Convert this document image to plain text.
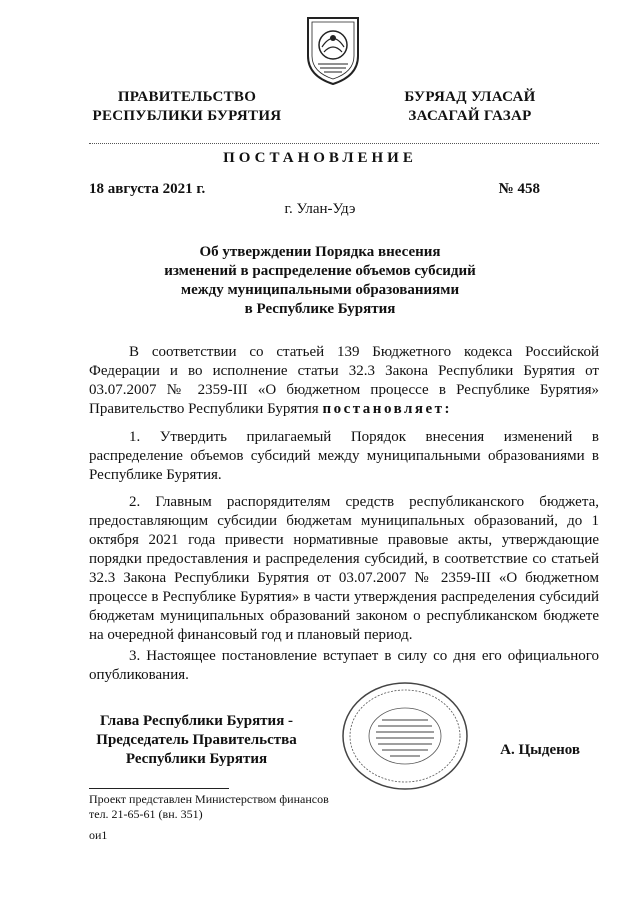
ПРАВИТЕЛЬСТВО
РЕСПУБЛИКИ БУРЯТИЯ
БУРЯАД УЛАСАЙ
ЗАСАГАЙ ГАЗАР
ПОСТАНОВЛЕНИЕ
18 августа 2021 г.	№ 458
г. Улан-Удэ
Об утверждении Порядка внесения
изменений в распределение объемов субсидий
между муниципальными образованиями
в Республике Бурятия

В соответствии со статьей 139 Бюджетного кодекса Российской Федерации и во исполнение статьи 32.3 Закона Республики Бурятия от 03.07.2007 № 2359-III «О бюджетном процессе в Республике Бурятия» Правительство Республики Бурятия постановляет:

1. Утвердить прилагаемый Порядок внесения изменений в распределение объемов субсидий между муниципальными образованиями в Республике Бурятия.

2. Главным распорядителям средств республиканского бюджета, предоставляющим субсидии бюджетам муниципальных образований, до 1 октября 2021 года привести нормативные правовые акты, утверждающие порядки предоставления и распределения субсидий, в соответствие со статьей 32.3 Закона Республики Бурятия от 03.07.2007 № 2359-III «О бюджетном процессе в Республике Бурятия» в части утверждения распределения субсидий бюджетам муниципальных образований законом о республиканском бюджете на очередной финансовый год и плановый период.

3. Настоящее постановление вступает в силу со дня его официального опубликования.

Глава Республики Бурятия -
Председатель Правительства
Республики Бурятия
А. Цыденов
Проект представлен Министерством финансов
тел. 21-65-61 (вн. 351)
ои1
